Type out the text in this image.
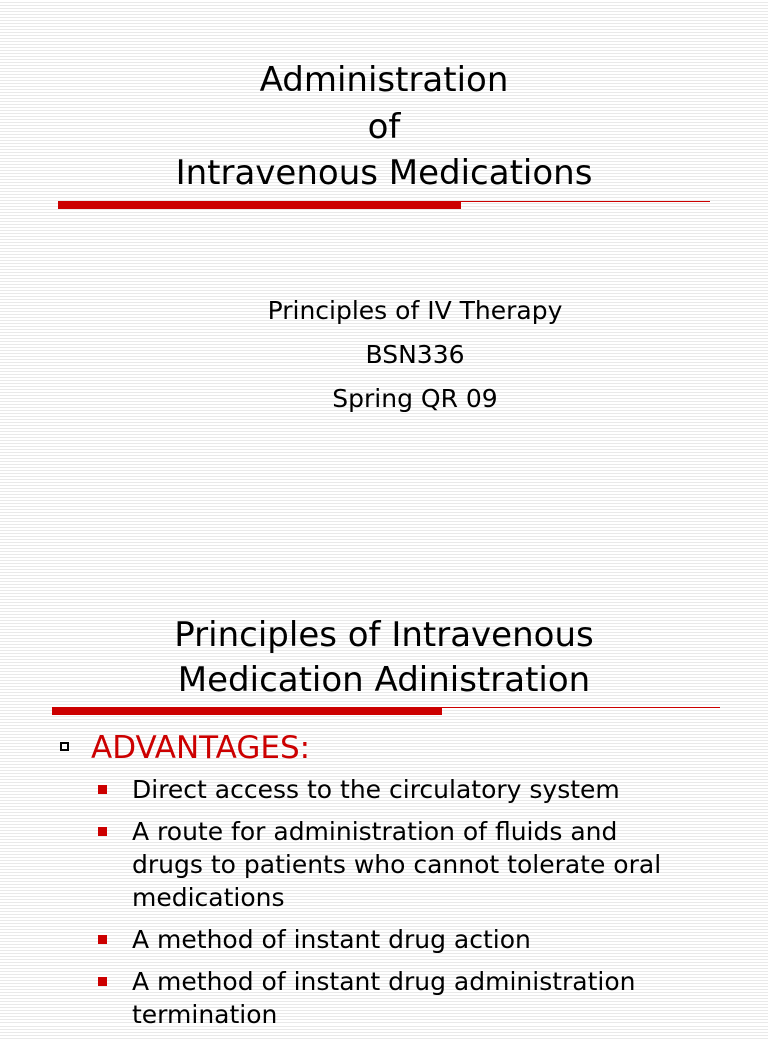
Administration
of
Intravenous Medications
Principles of IV Therapy
BSN336
Spring QR 09
Principles of Intravenous
Medication Adinistration
ADVANTAGES:
Direct access to the circulatory system
A route for administration of fluids and drugs to patients who cannot tolerate oral medications
A method of instant drug action
A method of instant drug administration termination
